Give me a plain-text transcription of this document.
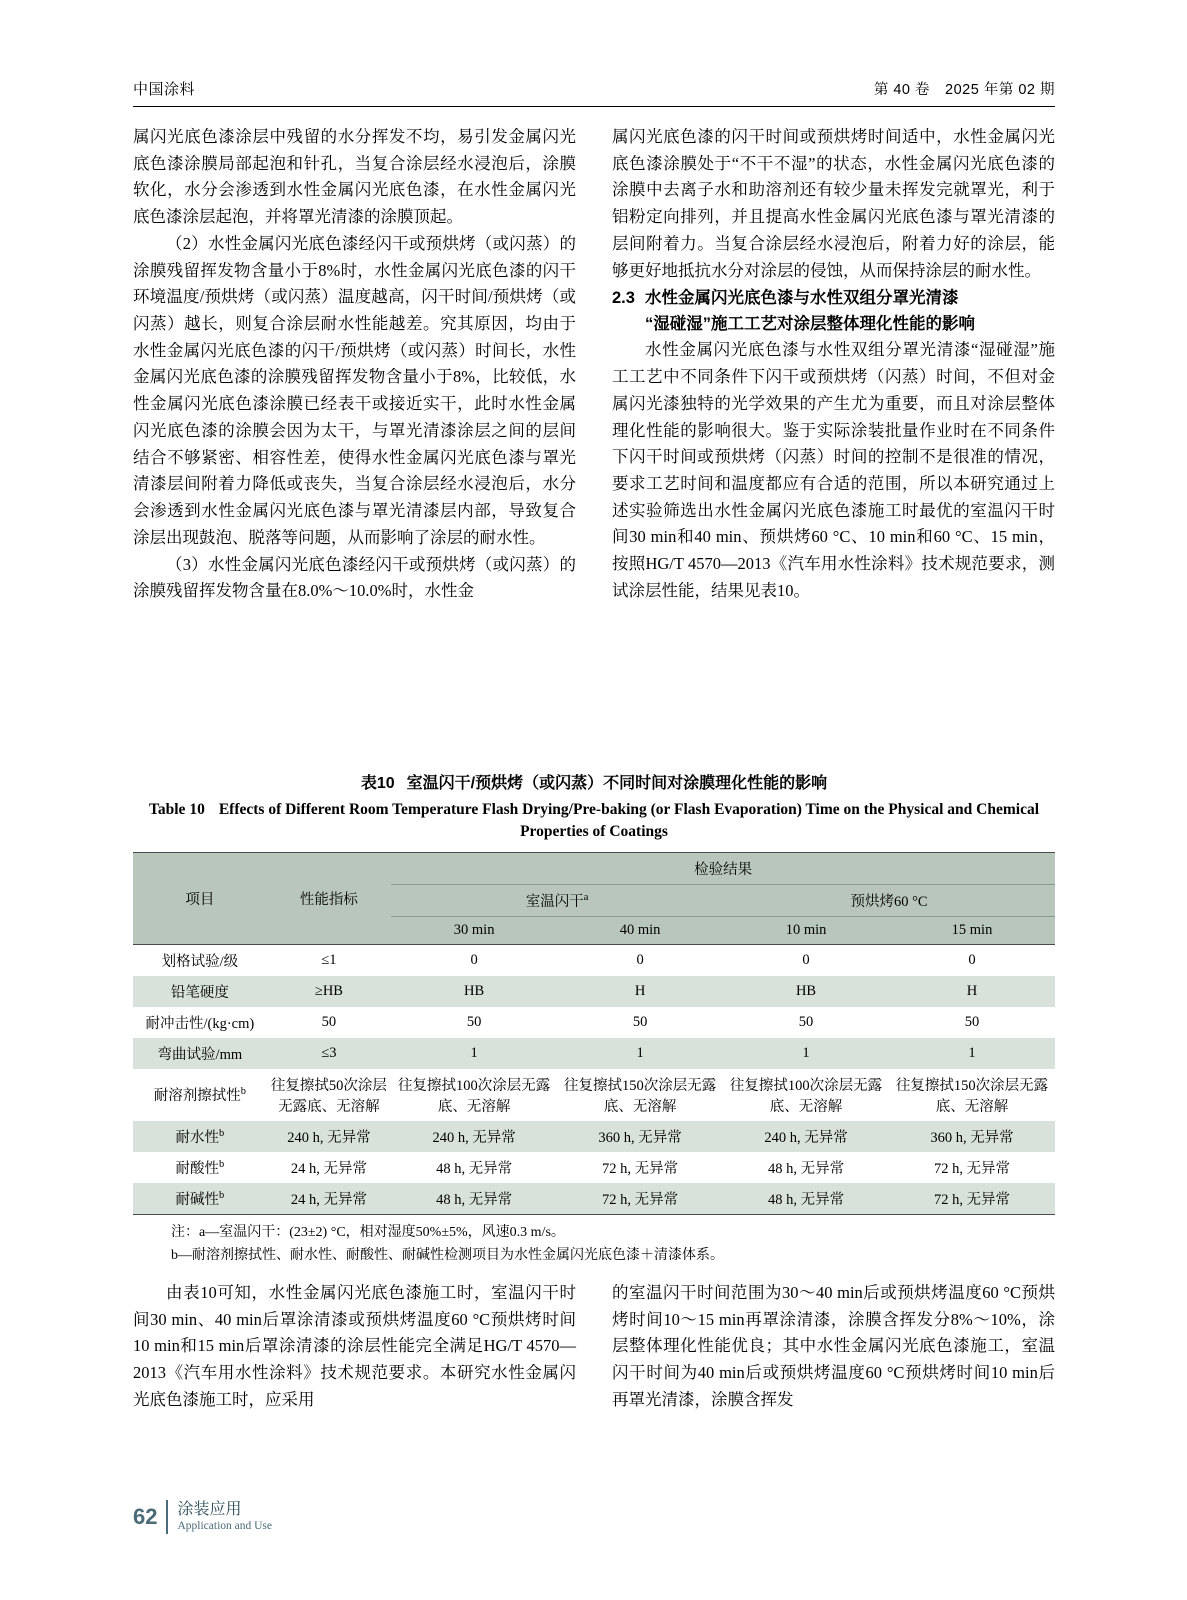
中国涂料	第 40 卷　2025 年第 02 期

属闪光底色漆涂层中残留的水分挥发不均，易引发金属闪光底色漆涂膜局部起泡和针孔，当复合涂层经水浸泡后，涂膜软化，水分会渗透到水性金属闪光底色漆，在水性金属闪光底色漆涂层起泡，并将罩光清漆的涂膜顶起。

（2）水性金属闪光底色漆经闪干或预烘烤（或闪蒸）的涂膜残留挥发物含量小于8%时，水性金属闪光底色漆的闪干环境温度/预烘烤（或闪蒸）温度越高，闪干时间/预烘烤（或闪蒸）越长，则复合涂层耐水性能越差。究其原因，均由于水性金属闪光底色漆的闪干/预烘烤（或闪蒸）时间长，水性金属闪光底色漆的涂膜残留挥发物含量小于8%，比较低，水性金属闪光底色漆涂膜已经表干或接近实干，此时水性金属闪光底色漆的涂膜会因为太干，与罩光清漆涂层之间的层间结合不够紧密、相容性差，使得水性金属闪光底色漆与罩光清漆层间附着力降低或丧失，当复合涂层经水浸泡后，水分会渗透到水性金属闪光底色漆与罩光清漆层内部，导致复合涂层出现鼓泡、脱落等问题，从而影响了涂层的耐水性。

（3）水性金属闪光底色漆经闪干或预烘烤（或闪蒸）的涂膜残留挥发物含量在8.0%～10.0%时，水性金

属闪光底色漆的闪干时间或预烘烤时间适中，水性金属闪光底色漆涂膜处于“不干不湿”的状态，水性金属闪光底色漆的涂膜中去离子水和助溶剂还有较少量未挥发完就罩光，利于铝粉定向排列，并且提高水性金属闪光底色漆与罩光清漆的层间附着力。当复合涂层经水浸泡后，附着力好的涂层，能够更好地抵抗水分对涂层的侵蚀，从而保持涂层的耐水性。

2.3 水性金属闪光底色漆与水性双组分罩光清漆
“湿碰湿”施工工艺对涂层整体理化性能的影响

水性金属闪光底色漆与水性双组分罩光清漆“湿碰湿”施工工艺中不同条件下闪干或预烘烤（闪蒸）时间，不但对金属闪光漆独特的光学效果的产生尤为重要，而且对涂层整体理化性能的影响很大。鉴于实际涂装批量作业时在不同条件下闪干时间或预烘烤（闪蒸）时间的控制不是很准的情况，要求工艺时间和温度都应有合适的范围，所以本研究通过上述实验筛选出水性金属闪光底色漆施工时最优的室温闪干时间30 min和40 min、预烘烤60 °C、10 min和60 °C、15 min，按照HG/T 4570—2013《汽车用水性涂料》技术规范要求，测试涂层性能，结果见表10。

表10 室温闪干/预烘烤（或闪蒸）不同时间对涂膜理化性能的影响
Table 10 Effects of Different Room Temperature Flash Drying/Pre-baking (or Flash Evaporation) Time on the Physical and Chemical Properties of Coatings
项目	性能指标	检验结果			
		室温闪干$^a$		预烘烤60 °C	
		30 min	40 min	10 min	15 min
划格试验/级	≤1	0	0	0	0
铅笔硬度	≥HB	HB	H	HB	H
耐冲击性/(kg·cm)	50	50	50	50	50
弯曲试验/mm	≤3	1	1	1	1
耐溶剂擦拭性$^b$	往复擦拭50次涂层无露底、无溶解	往复擦拭100次涂层无露底、无溶解	往复擦拭150次涂层无露底、无溶解	往复擦拭100次涂层无露底、无溶解	往复擦拭150次涂层无露底、无溶解
耐水性$^b$	240 h, 无异常	240 h, 无异常	360 h, 无异常	240 h, 无异常	360 h, 无异常
耐酸性$^b$	24 h, 无异常	48 h, 无异常	72 h, 无异常	48 h, 无异常	72 h, 无异常
耐碱性$^b$	24 h, 无异常	48 h, 无异常	72 h, 无异常	48 h, 无异常	72 h, 无异常
注：a—室温闪干：(23±2) °C，相对湿度50%±5%，风速0.3 m/s。
b—耐溶剂擦拭性、耐水性、耐酸性、耐碱性检测项目为水性金属闪光底色漆＋清漆体系。

由表10可知，水性金属闪光底色漆施工时，室温闪干时间30 min、40 min后罩涂清漆或预烘烤温度60 °C预烘烤时间10 min和15 min后罩涂清漆的涂层性能完全满足HG/T 4570—2013《汽车用水性涂料》技术规范要求。本研究水性金属闪光底色漆施工时，应采用

的室温闪干时间范围为30～40 min后或预烘烤温度60 °C预烘烤时间10～15 min再罩涂清漆，涂膜含挥发分8%～10%，涂层整体理化性能优良；其中水性金属闪光底色漆施工，室温闪干时间为40 min后或预烘烤温度60 °C预烘烤时间10 min后再罩光清漆，涂膜含挥发

62 涂装应用
Application and Use
